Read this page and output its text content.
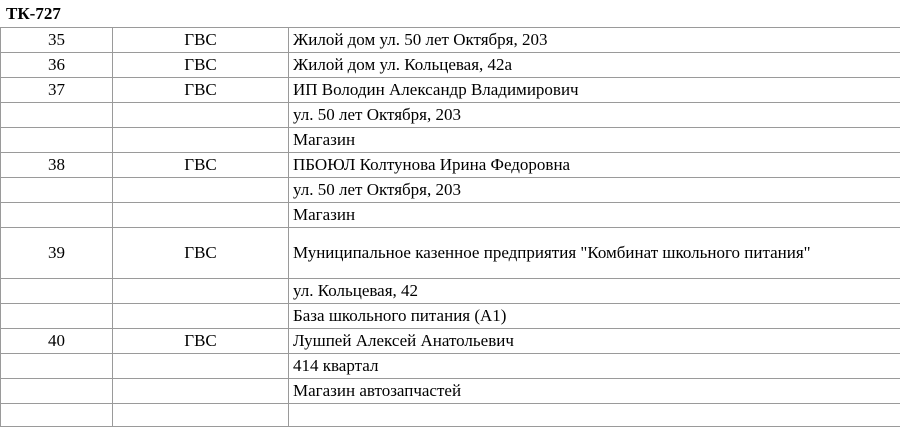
ТК-727
35	ГВС	Жилой дом ул. 50 лет Октября, 203
36	ГВС	Жилой дом ул. Кольцевая, 42а
37	ГВС	ИП Володин Александр Владимирович
		ул. 50 лет Октября, 203
		Магазин
38	ГВС	ПБОЮЛ Колтунова Ирина Федоровна
		ул. 50 лет Октября, 203
		Магазин
39	ГВС	Муниципальное казенное предприятия "Комбинат школьного питания"
		ул. Кольцевая, 42
		База школьного питания (А1)
40	ГВС	Лушпей Алексей Анатольевич
		414 квартал
		Магазин автозапчастей
